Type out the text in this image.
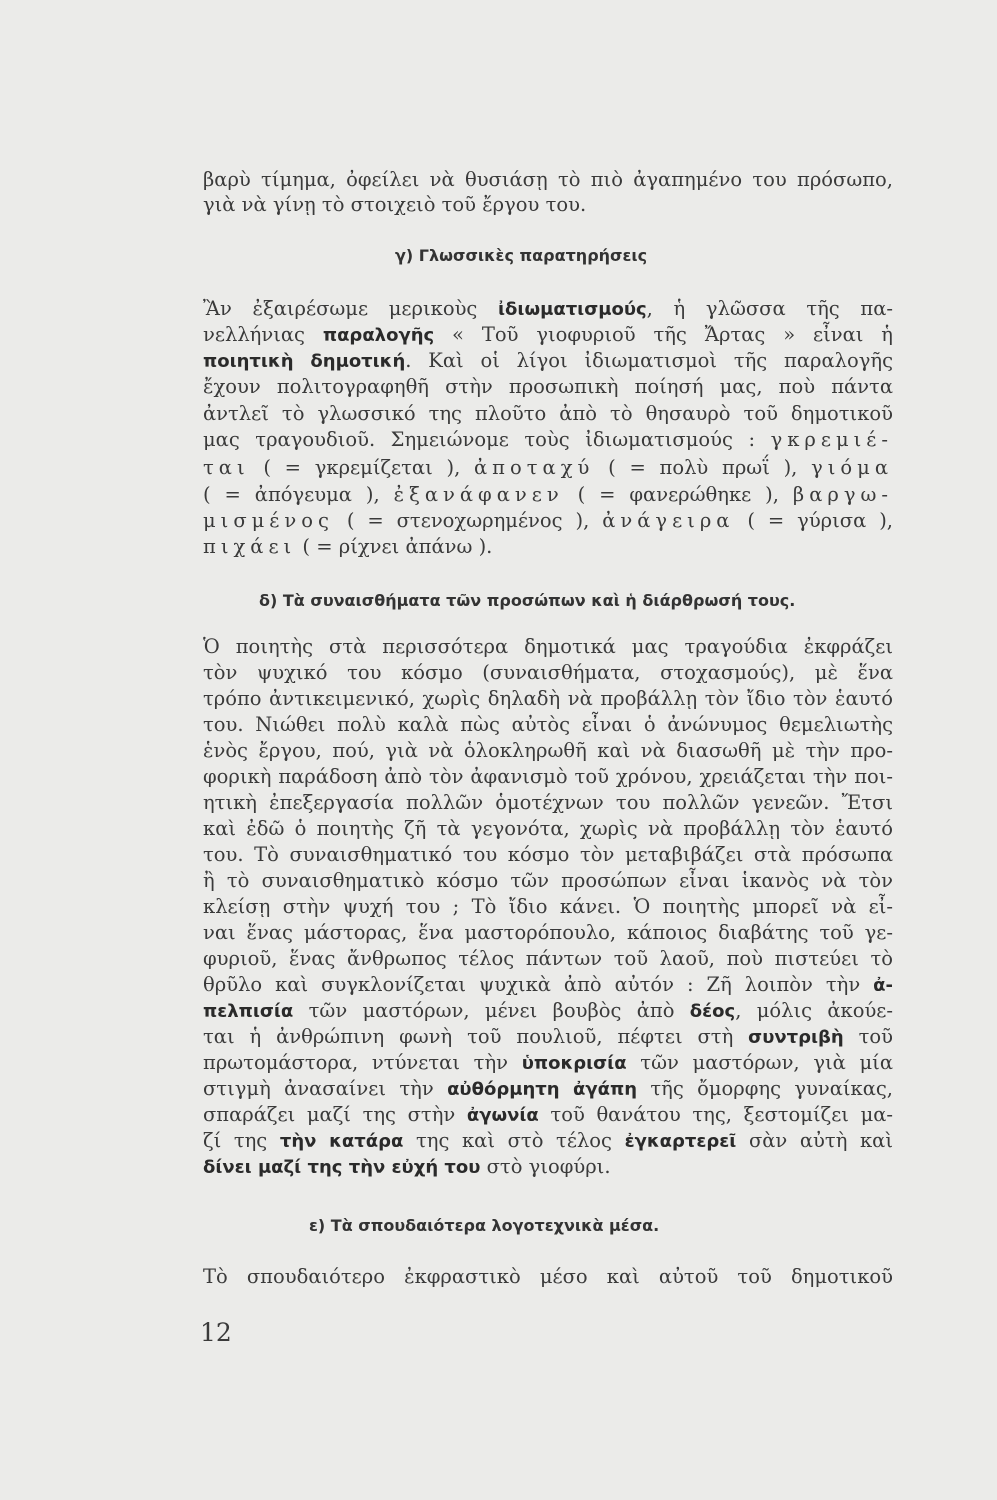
βαρὺ τίμημα, ὀφείλει νὰ θυσιάσῃ τὸ πιὸ ἀγαπημένο του πρόσωπο,
γιὰ νὰ γίνῃ τὸ στοιχειὸ τοῦ ἔργου του.
γ) Γλωσσικὲς παρατηρήσεις
Ἂν ἐξαιρέσωμε μερικοὺς ἰδιωματισμούς, ἡ γλῶσσα τῆς πα-
νελλήνιας παραλογῆς « Τοῦ γιοφυριοῦ τῆς Ἄρτας » εἶναι ἡ
ποιητικὴ δημοτική. Καὶ οἱ λίγοι ἰδιωματισμοὶ τῆς παραλογῆς
ἔχουν πολιτογραφηθῆ στὴν προσωπικὴ ποίησή μας, ποὺ πάντα
ἀντλεῖ τὸ γλωσσικό της πλοῦτο ἀπὸ τὸ θησαυρὸ τοῦ δημοτικοῦ
μας τραγουδιοῦ. Σημειώνομε τοὺς ἰδιωματισμούς : γκρεμιέ-
ται ( = γκρεμίζεται ), ἀποταχύ ( = πολὺ πρωΐ ), γιόμα
( = ἀπόγευμα ), ἐξανάφανεν ( = φανερώθηκε ), βαργω-
μισμένος ( = στενοχωρημένος ), ἀνάγειρα ( = γύρισα ),
πιχάει ( = ρίχνει ἀπάνω ).
δ) Τὰ συναισθήματα τῶν προσώπων καὶ ἡ διάρθρωσή τους.
Ὁ ποιητὴς στὰ περισσότερα δημοτικά μας τραγούδια ἐκφράζει
τὸν ψυχικό του κόσμο (συναισθήματα, στοχασμούς), μὲ ἕνα
τρόπο ἀντικειμενικό, χωρὶς δηλαδὴ νὰ προβάλλῃ τὸν ἴδιο τὸν ἑαυτό
του. Νιώθει πολὺ καλὰ πὼς αὐτὸς εἶναι ὁ ἀνώνυμος θεμελιωτὴς
ἑνὸς ἔργου, πού, γιὰ νὰ ὁλοκληρωθῆ καὶ νὰ διασωθῆ μὲ τὴν προ-
φορικὴ παράδοση ἀπὸ τὸν ἀφανισμὸ τοῦ χρόνου, χρειάζεται τὴν ποι-
ητικὴ ἐπεξεργασία πολλῶν ὁμοτέχνων του πολλῶν γενεῶν. Ἔτσι
καὶ ἐδῶ ὁ ποιητὴς ζῆ τὰ γεγονότα, χωρὶς νὰ προβάλλῃ τὸν ἑαυτό
του. Τὸ συναισθηματικό του κόσμο τὸν μεταβιβάζει στὰ πρόσωπα
ἢ τὸ συναισθηματικὸ κόσμο τῶν προσώπων εἶναι ἱκανὸς νὰ τὸν
κλείσῃ στὴν ψυχή του ; Τὸ ἴδιο κάνει. Ὁ ποιητὴς μπορεῖ νὰ εἶ-
ναι ἕνας μάστορας, ἕνα μαστορόπουλο, κάποιος διαβάτης τοῦ γε-
φυριοῦ, ἕνας ἄνθρωπος τέλος πάντων τοῦ λαοῦ, ποὺ πιστεύει τὸ
θρῦλο καὶ συγκλονίζεται ψυχικὰ ἀπὸ αὐτόν : Ζῆ λοιπὸν τὴν ἀ-
πελπισία τῶν μαστόρων, μένει βουβὸς ἀπὸ δέος, μόλις ἀκούε-
ται ἡ ἀνθρώπινη φωνὴ τοῦ πουλιοῦ, πέφτει στὴ συντριβὴ τοῦ
πρωτομάστορα, ντύνεται τὴν ὑποκρισία τῶν μαστόρων, γιὰ μία
στιγμὴ ἀνασαίνει τὴν αὐθόρμητη ἀγάπη τῆς ὄμορφης γυναίκας,
σπαράζει μαζί της στὴν ἀγωνία τοῦ θανάτου της, ξεστομίζει μα-
ζί της τὴν κατάρα της καὶ στὸ τέλος ἐγκαρτερεῖ σὰν αὐτὴ καὶ
δίνει μαζί της τὴν εὐχή του στὸ γιοφύρι.
ε) Τὰ σπουδαιότερα λογοτεχνικὰ μέσα.
Τὸ σπουδαιότερο ἐκφραστικὸ μέσο καὶ αὐτοῦ τοῦ δημοτικοῦ
12
